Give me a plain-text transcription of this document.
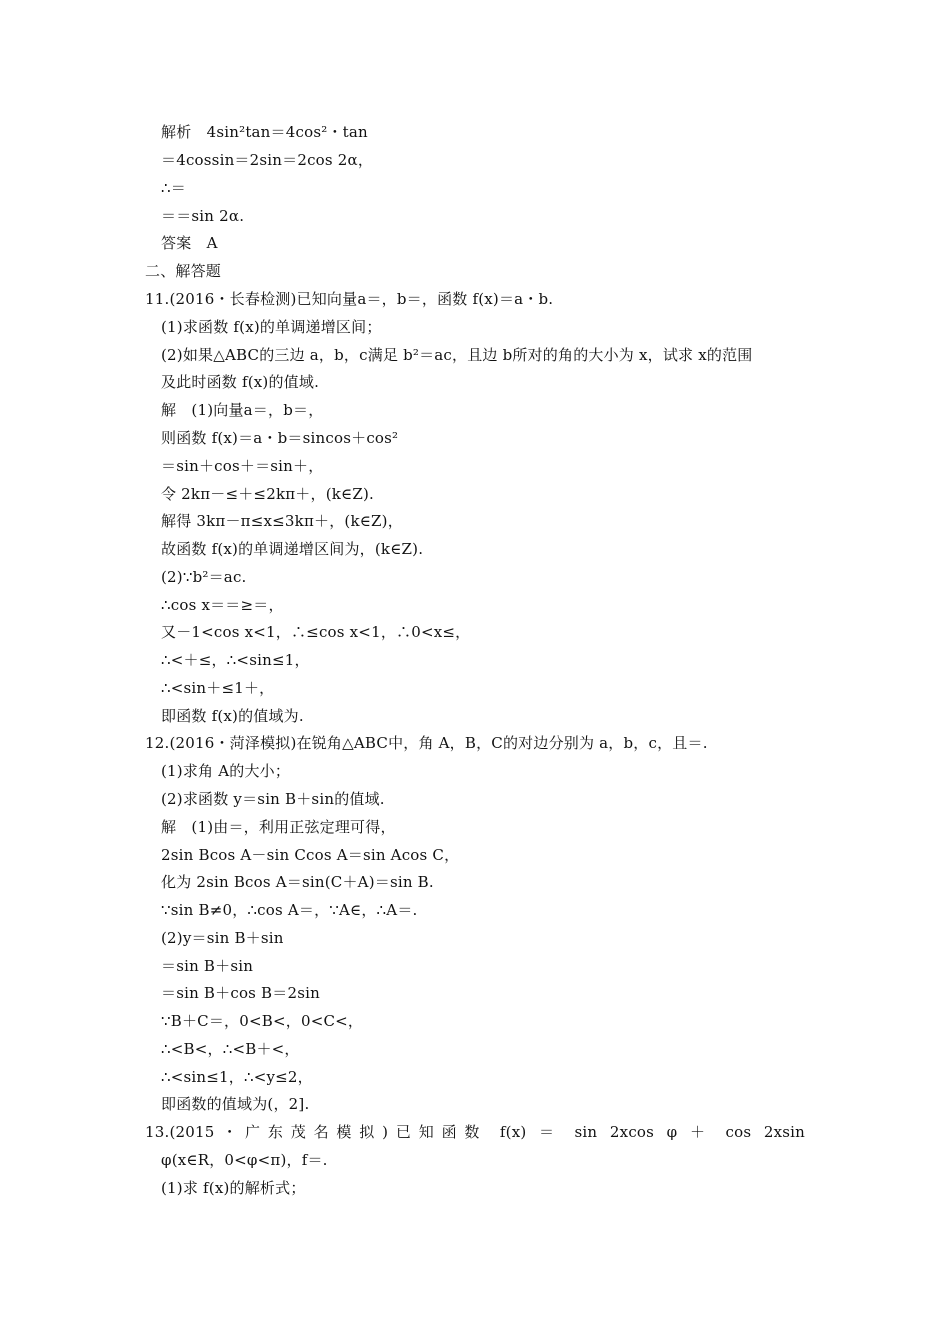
解析　4sin²tan＝4cos²・tan
＝4cossin＝2sin＝2cos 2α，
∴＝
＝＝sin 2α.
答案　A
二、解答题
11.(2016・长春检测)已知向量a＝，b＝，函数 f(x)＝a・b.
(1)求函数 f(x)的单调递增区间；
(2)如果△ABC的三边 a，b，c满足 b²＝ac，且边 b所对的角的大小为 x，试求 x的范围
及此时函数 f(x)的值域.
解　(1)向量a＝，b＝，
则函数 f(x)＝a・b＝sincos＋cos²
＝sin＋cos＋＝sin＋，
令 2kπ－≤＋≤2kπ＋，(k∈Z).
解得 3kπ－π≤x≤3kπ＋，(k∈Z)，
故函数 f(x)的单调递增区间为，(k∈Z).
(2)∵b²＝ac.
∴cos x＝＝≥＝，
又－1<cos x<1，∴≤cos x<1，∴0<x≤，
∴<＋≤，∴<sin≤1，
∴<sin＋≤1＋，
即函数 f(x)的值域为.
12.(2016・菏泽模拟)在锐角△ABC中，角 A，B，C的对边分别为 a，b，c，且＝.
(1)求角 A的大小；
(2)求函数 y＝sin B＋sin的值域.
解　(1)由＝，利用正弦定理可得，
2sin Bcos A－sin Ccos A＝sin Acos C，
化为 2sin Bcos A＝sin(C＋A)＝sin B.
∵sin B≠0，∴cos A＝，∵A∈，∴A＝.
(2)y＝sin B＋sin
＝sin B＋sin
＝sin B＋cos B＝2sin
∵B＋C＝，0<B<，0<C<，
∴<B<，∴<B＋<，
∴<sin≤1，∴<y≤2，
即函数的值域为(，2].
13.(2015・广东茂名模拟)已知函数 f(x) ＝ sin 2xcos φ ＋ cos 2xsin
φ(x∈R，0<φ<π)，f＝.
(1)求 f(x)的解析式；
